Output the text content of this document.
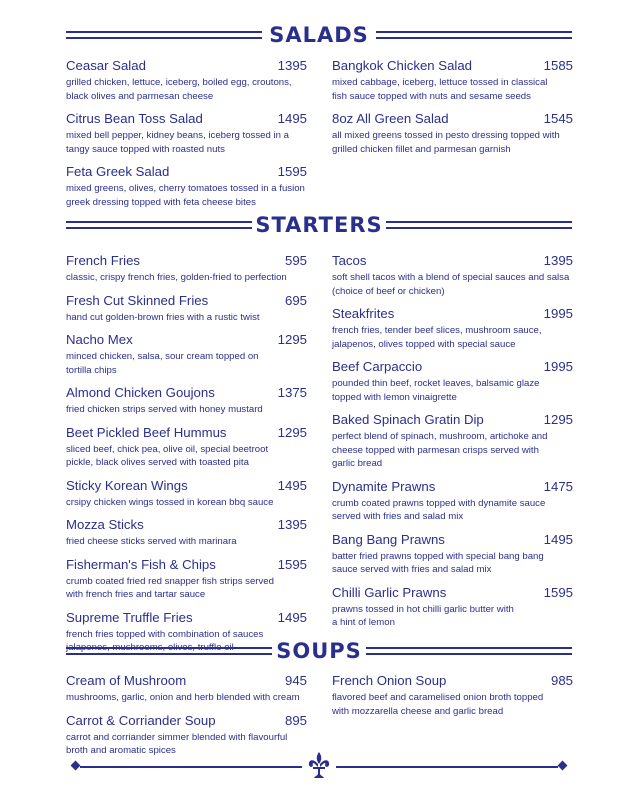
SALADS
Ceasar Salad	1395
grilled chicken, lettuce, iceberg, boiled egg, croutons,
black olives and parmesan cheese
Citrus Bean Toss Salad	1495
mixed bell pepper, kidney beans, iceberg tossed in a
tangy sauce topped with roasted nuts
Feta Greek Salad	1595
mixed greens, olives, cherry tomatoes tossed in a fusion
greek dressing topped with feta cheese bites
Bangkok Chicken Salad	1585
mixed cabbage, iceberg, lettuce tossed in classical
fish sauce topped with nuts and sesame seeds
8oz All Green Salad	1545
all mixed greens tossed in pesto dressing topped with
grilled chicken fillet and parmesan garnish
STARTERS
French Fries	595
classic, crispy french fries, golden-fried to perfection
Fresh Cut Skinned Fries	695
hand cut golden-brown fries with a rustic twist
Nacho Mex	1295
minced chicken, salsa, sour cream topped on
tortilla chips
Almond Chicken Goujons	1375
fried chicken strips served with honey mustard
Beet Pickled Beef Hummus	1295
sliced beef, chick pea, olive oil, special beetroot
pickle, black olives served with toasted pita
Sticky Korean Wings	1495
crsipy chicken wings tossed in korean bbq sauce
Mozza Sticks	1395
fried cheese sticks served with marinara
Fisherman's Fish & Chips	1595
crumb coated fried red snapper fish strips served
with french fries and tartar sauce
Supreme Truffle Fries	1495
french fries topped with combination of sauces
jalapenos, mushrooms, olives, truffle oil
Tacos	1395
soft shell tacos with a blend of special sauces and salsa
(choice of beef or chicken)
Steakfrites	1995
french fries, tender beef slices, mushroom sauce,
jalapenos, olives topped with special sauce
Beef Carpaccio	1995
pounded thin beef, rocket leaves, balsamic glaze
topped with lemon vinaigrette
Baked Spinach Gratin Dip	1295
perfect blend of spinach, mushroom, artichoke and
cheese topped with parmesan crisps served with
garlic bread
Dynamite Prawns	1475
crumb coated prawns topped with dynamite sauce
served with fries and salad mix
Bang Bang Prawns	1495
batter fried prawns topped with special bang bang
sauce served with fries and salad mix
Chilli Garlic Prawns	1595
prawns tossed in hot chilli garlic butter with
a hint of lemon
SOUPS
Cream of Mushroom	945
mushrooms, garlic, onion and herb blended with cream
Carrot & Corriander Soup	895
carrot and corriander simmer blended with flavourful
broth and aromatic spices
French Onion Soup	985
flavored beef and caramelised onion broth topped
with mozzarella cheese and garlic bread
